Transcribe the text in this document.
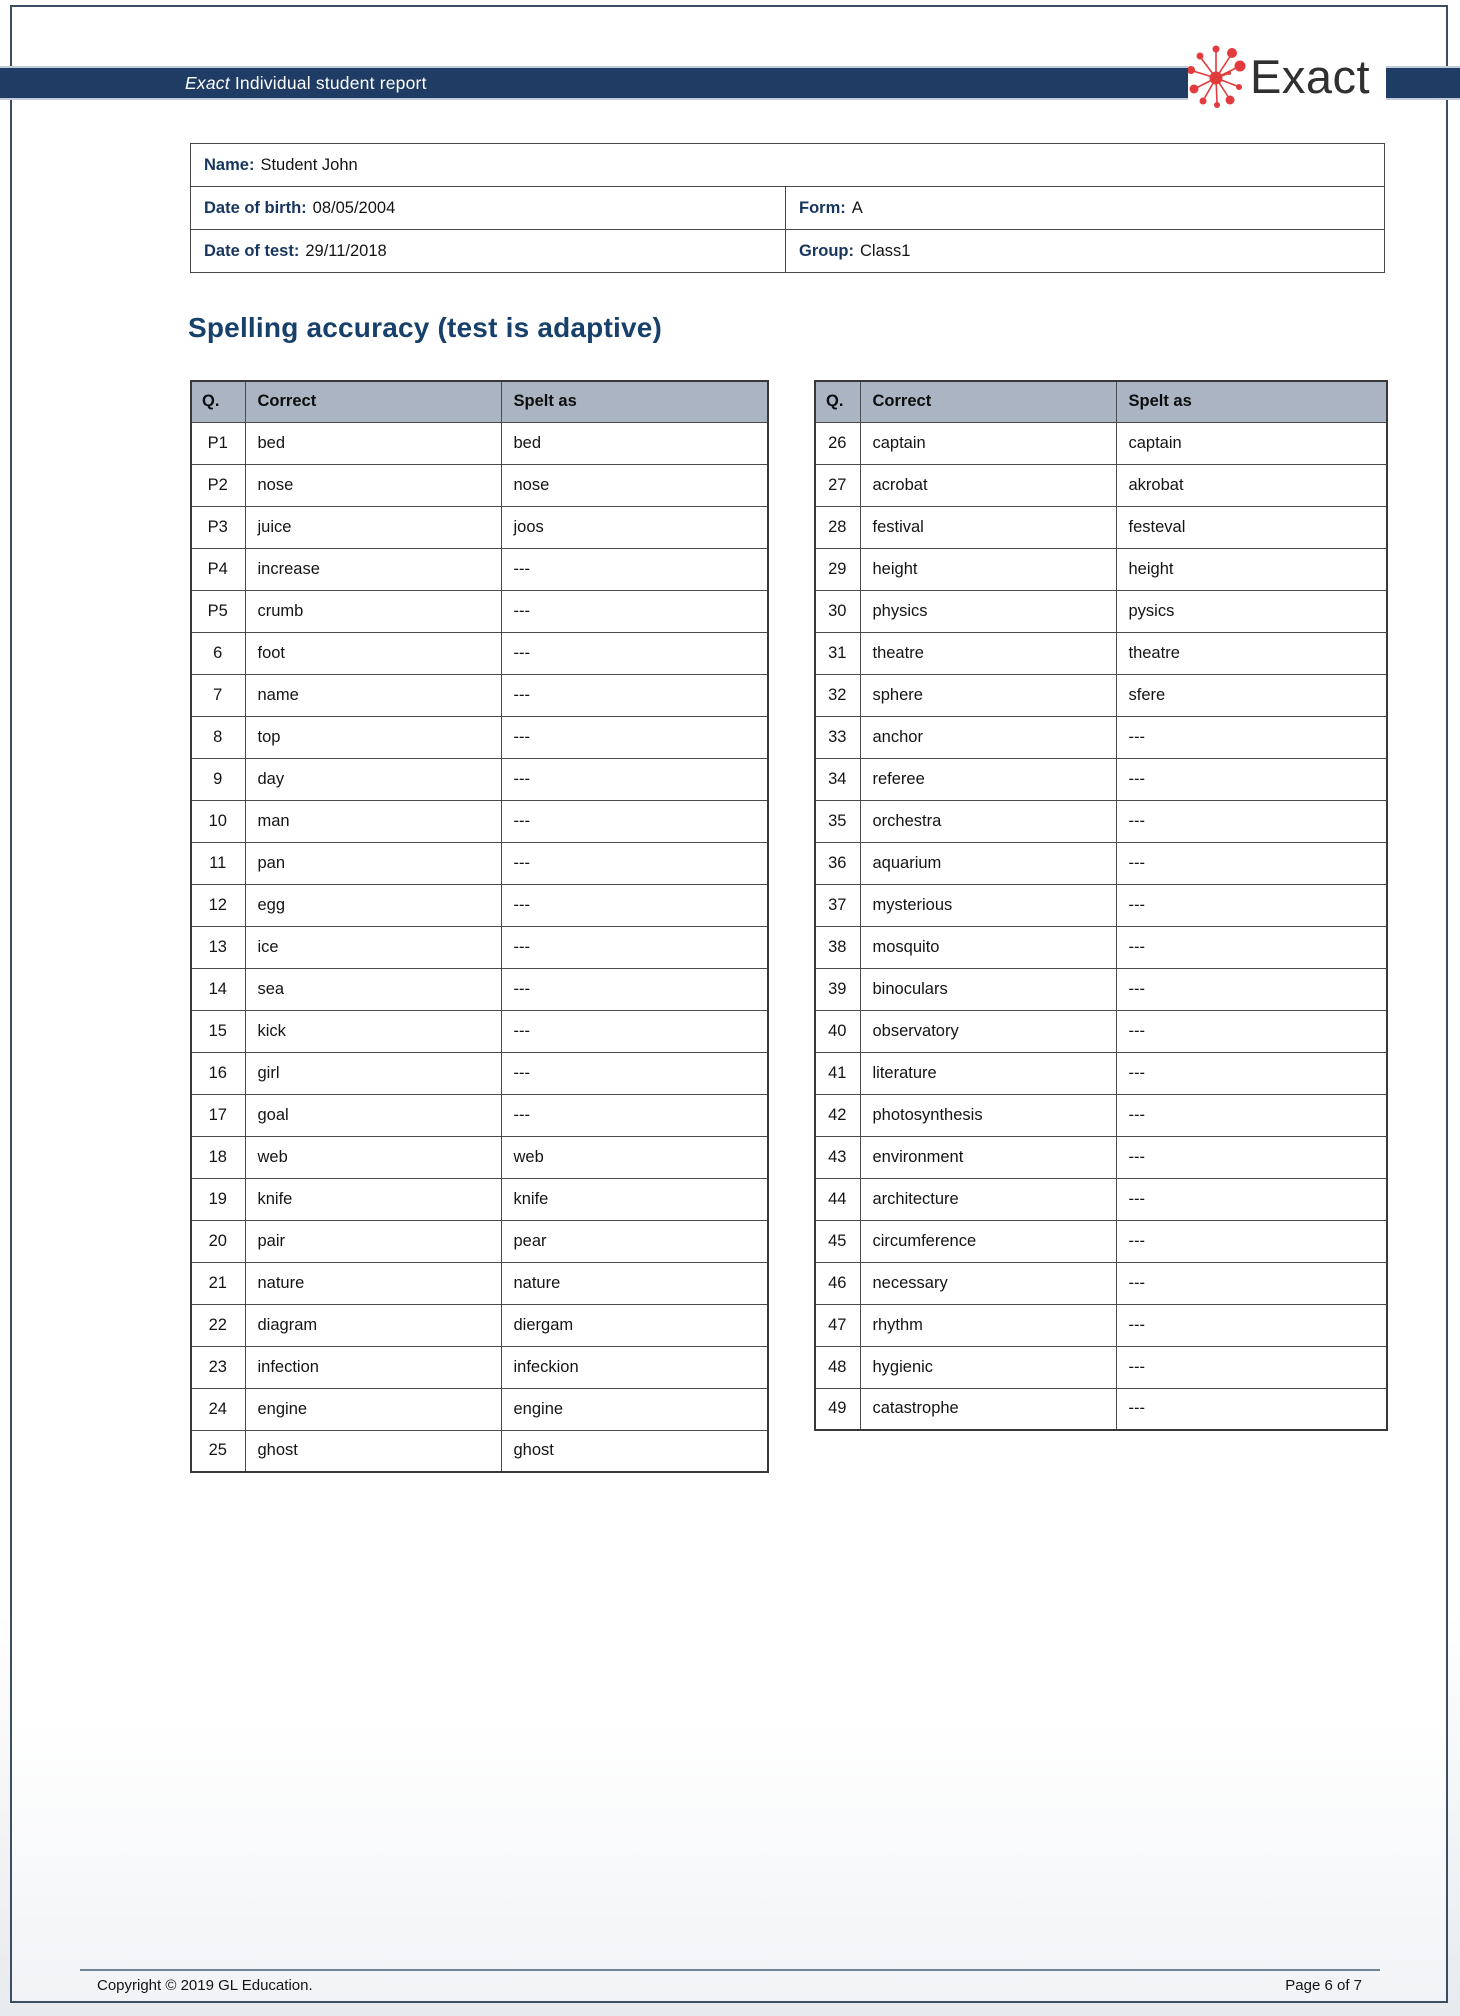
Exact Individual student report	Exact
Name: Student John
Date of birth: 08/05/2004	Form: A
Date of test: 29/11/2018	Group: Class1
Spelling accuracy (test is adaptive)
Q.	Correct	Spelt as
P1	bed	bed
P2	nose	nose
P3	juice	joos
P4	increase	---
P5	crumb	---
6	foot	---
7	name	---
8	top	---
9	day	---
10	man	---
11	pan	---
12	egg	---
13	ice	---
14	sea	---
15	kick	---
16	girl	---
17	goal	---
18	web	web
19	knife	knife
20	pair	pear
21	nature	nature
22	diagram	diergam
23	infection	infeckion
24	engine	engine
25	ghost	ghost
Q.	Correct	Spelt as
26	captain	captain
27	acrobat	akrobat
28	festival	festeval
29	height	height
30	physics	pysics
31	theatre	theatre
32	sphere	sfere
33	anchor	---
34	referee	---
35	orchestra	---
36	aquarium	---
37	mysterious	---
38	mosquito	---
39	binoculars	---
40	observatory	---
41	literature	---
42	photosynthesis	---
43	environment	---
44	architecture	---
45	circumference	---
46	necessary	---
47	rhythm	---
48	hygienic	---
49	catastrophe	---
Copyright © 2019 GL Education.	Page 6 of 7
